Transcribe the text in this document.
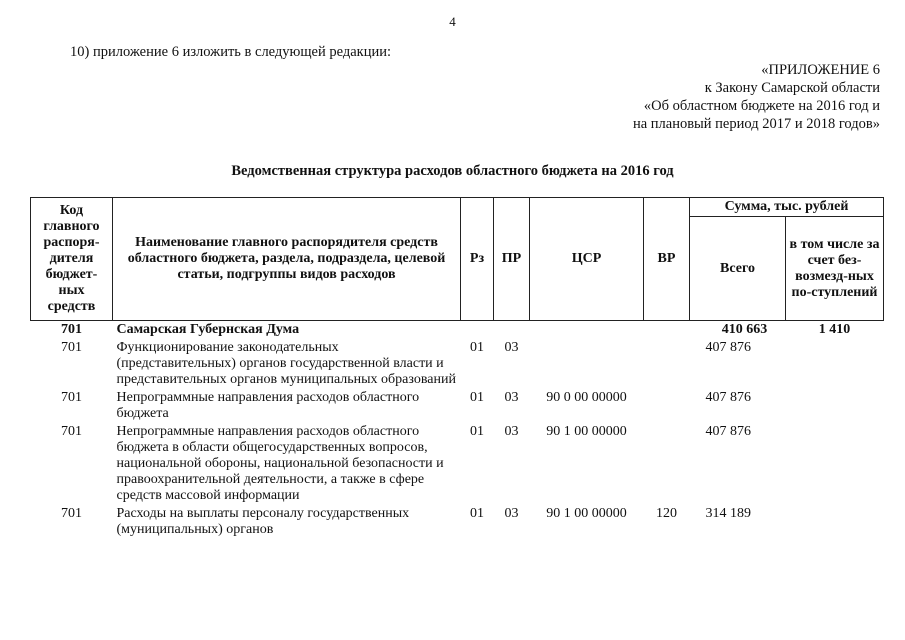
4
10) приложение 6 изложить в следующей редакции:
«ПРИЛОЖЕНИЕ 6
к Закону Самарской области
«Об областном бюджете на 2016 год и
на плановый период 2017 и 2018 годов»
Ведомственная структура расходов областного бюджета на 2016 год
Код главного распоря-дителя бюджет-ных средств	Наименование главного распорядителя средств областного бюджета, раздела, подраздела, целевой статьи, подгруппы видов расходов	Рз	ПР	ЦСР	ВР	Сумма, тыс. рублей	
						Всего	в том числе за счет без-возмезд-ных по-ступлений
701	Самарская Губернская Дума					410 663	1 410
701	Функционирование законодательных (представительных) органов государственной власти и представительных органов муниципальных образований	01	03			407 876	
701	Непрограммные направления расходов областного бюджета	01	03	90 0 00 00000		407 876	
701	Непрограммные направления расходов областного бюджета в области общегосударственных вопросов, национальной обороны, национальной безопасности и правоохранительной деятельности, а также в сфере средств массовой информации	01	03	90 1 00 00000		407 876	
701	Расходы на выплаты персоналу государственных (муниципальных) органов	01	03	90 1 00 00000	120	314 189	
